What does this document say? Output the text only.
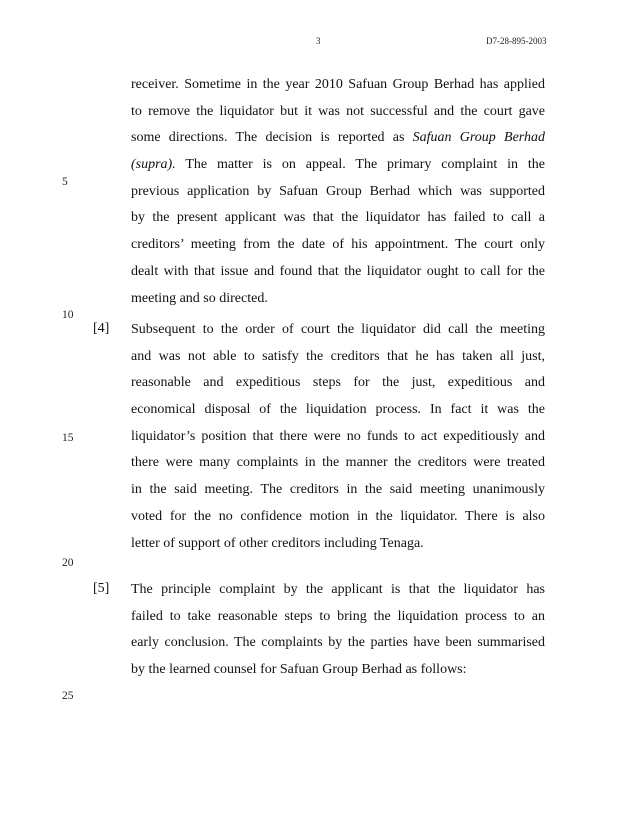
3	D7-28-895-2003
5
10
15
20
25
receiver. Sometime in the year 2010 Safuan Group Berhad has applied
to remove the liquidator but it was not successful and the court gave
some directions. The decision is reported as Safuan Group Berhad
(supra). The matter is on appeal. The primary complaint in the
previous application by Safuan Group Berhad which was supported
by the present applicant was that the liquidator has failed to call a
creditors’ meeting from the date of his appointment. The court only
dealt with that issue and found that the liquidator ought to call for the
meeting and so directed.
[4] Subsequent to the order of court the liquidator did call the meeting
and was not able to satisfy the creditors that he has taken all just,
reasonable and expeditious steps for the just, expeditious and
economical disposal of the liquidation process. In fact it was the
liquidator’s position that there were no funds to act expeditiously and
there were many complaints in the manner the creditors were treated
in the said meeting. The creditors in the said meeting unanimously
voted for the no confidence motion in the liquidator. There is also
letter of support of other creditors including Tenaga.
[5] The principle complaint by the applicant is that the liquidator has
failed to take reasonable steps to bring the liquidation process to an
early conclusion. The complaints by the parties have been summarised
by the learned counsel for Safuan Group Berhad as follows:
